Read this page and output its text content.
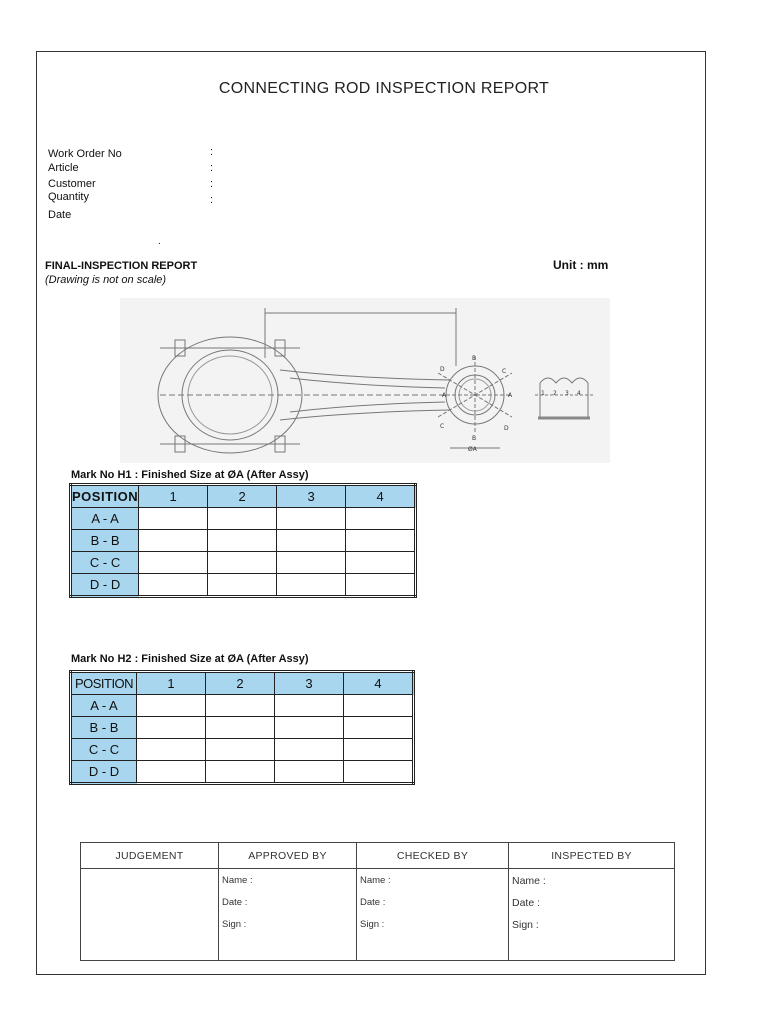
CONNECTING ROD INSPECTION REPORT
Work Order No	:
Article	:
Customer	:
Quantity	:
Date
.
FINAL-INSPECTION REPORT
(Drawing is not on scale)
Unit : mm
B
B
C
C
D
D
A	A
ØA
1 2 3 4
Mark No H1 : Finished Size at ØA (After Assy)
POSITION	1	2	3	4
A - A				
B - B				
C - C				
D - D				
Mark No H2 : Finished Size at ØA (After Assy)
POSITION	1	2	3	4
A - A				
B - B				
C - C				
D - D				
JUDGEMENT	APPROVED BY	CHECKED BY	INSPECTED BY

	Name :
Date :
Sign :	Name :
Date :
Sign :	Name :
Date :
Sign :
